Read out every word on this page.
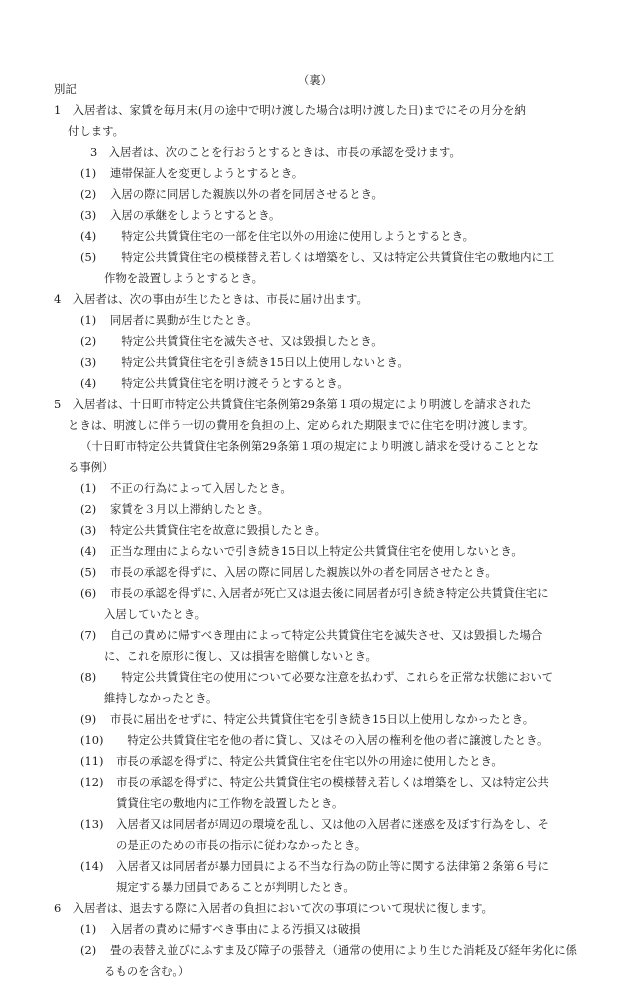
（裏）
別記
1　入居者は、家賃を毎月末(月の途中で明け渡した場合は明け渡した日)までにその月分を納
付します。
3　入居者は、次のことを行おうとするときは、市長の承認を受けます。
(1) 連帯保証人を変更しようとするとき。
(2) 入居の際に同居した親族以外の者を同居させるとき。
(3) 入居の承継をしようとするとき。
(4)　特定公共賃貸住宅の一部を住宅以外の用途に使用しようとするとき。
(5)　特定公共賃貸住宅の模様替え若しくは増築をし、又は特定公共賃貸住宅の敷地内に工
作物を設置しようとするとき。
4　入居者は、次の事由が生じたときは、市長に届け出ます。
(1) 同居者に異動が生じたとき。
(2)　特定公共賃貸住宅を滅失させ、又は毀損したとき。
(3)　特定公共賃貸住宅を引き続き15日以上使用しないとき。
(4)　特定公共賃貸住宅を明け渡そうとするとき。
5　入居者は、十日町市特定公共賃貸住宅条例第29条第１項の規定により明渡しを請求された
ときは、明渡しに伴う一切の費用を負担の上、定められた期限までに住宅を明け渡します。
（十日町市特定公共賃貸住宅条例第29条第１項の規定により明渡し請求を受けることとな
る事例）
(1) 不正の行為によって入居したとき。
(2) 家賃を３月以上滞納したとき。
(3) 特定公共賃貸住宅を故意に毀損したとき。
(4) 正当な理由によらないで引き続き15日以上特定公共賃貸住宅を使用しないとき。
(5) 市長の承認を得ずに、入居の際に同居した親族以外の者を同居させたとき。
(6) 市長の承認を得ずに､入居者が死亡又は退去後に同居者が引き続き特定公共賃貸住宅に
入居していたとき。
(7) 自己の責めに帰すべき理由によって特定公共賃貸住宅を滅失させ、又は毀損した場合
に、これを原形に復し、又は損害を賠償しないとき。
(8)　特定公共賃貸住宅の使用について必要な注意を払わず、これらを正常な状態において
維持しなかったとき。
(9) 市長に届出をせずに、特定公共賃貸住宅を引き続き15日以上使用しなかったとき。
(10)　特定公共賃貸住宅を他の者に貸し、又はその入居の権利を他の者に譲渡したとき。
(11) 市長の承認を得ずに、特定公共賃貸住宅を住宅以外の用途に使用したとき。
(12) 市長の承認を得ずに、特定公共賃貸住宅の模様替え若しくは増築をし、又は特定公共
賃貸住宅の敷地内に工作物を設置したとき。
(13) 入居者又は同居者が周辺の環境を乱し、又は他の入居者に迷惑を及ぼす行為をし、そ
の是正のための市長の指示に従わなかったとき。
(14) 入居者又は同居者が暴力団員による不当な行為の防止等に関する法律第２条第６号に
規定する暴力団員であることが判明したとき。
6　入居者は、退去する際に入居者の負担において次の事項について現状に復します。
(1) 入居者の責めに帰すべき事由による汚損又は破損
(2) 畳の表替え並びにふすま及び障子の張替え（通常の使用により生じた消耗及び経年劣化に係
るものを含む。）
